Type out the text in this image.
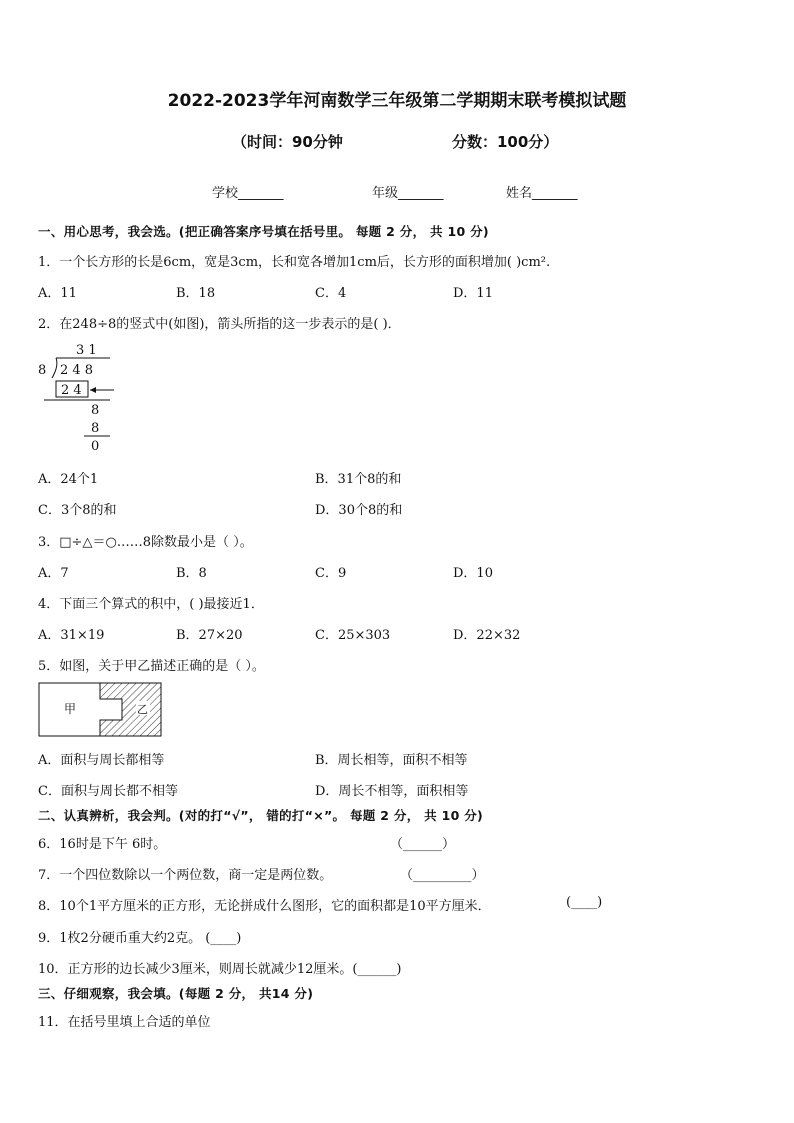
2022-2023学年河南数学三年级第二学期期末联考模拟试题
（时间：90分钟	分数：100分）
学校_______	年级_______	姓名_______
一、用心思考，我会选。(把正确答案序号填在括号里。 每题 2 分， 共 10 分)
1．一个长方形的长是6cm，宽是3cm，长和宽各增加1cm后，长方形的面积增加( )cm².
A．11	B．18	C．4	D．11
2．在248÷8的竖式中(如图)，箭头所指的这一步表示的是( )．
3 1
8 2 4 8
2 4
8
8
0
A．24个1	B．31个8的和
C．3个8的和	D．30个8的和
3．□÷△＝○……8除数最小是（ ）。
A．7	B．8	C．9	D．10
4．下面三个算式的积中，( )最接近1．
A．31×19	B．27×20	C．25×303	D．22×32
5．如图，关于甲乙描述正确的是（ ）。
甲	乙
A．面积与周长都相等	B．周长相等，面积不相等
C．面积与周长都不相等	D．周长不相等，面积相等
二、认真辨析，我会判。(对的打“√”， 错的打“×”。 每题 2 分， 共 10 分)
6．16时是下午 6时。	（______）
7．一个四位数除以一个两位数，商一定是两位数。	（_________）
8．10个1平方厘米的正方形，无论拼成什么图形，它的面积都是10平方厘米．	(____)
9．1枚2分硬币重大约2克。 (____)
10．正方形的边长减少3厘米，则周长就减少12厘米。(______)
三、仔细观察，我会填。(每题 2 分， 共14 分)
11．在括号里填上合适的单位
